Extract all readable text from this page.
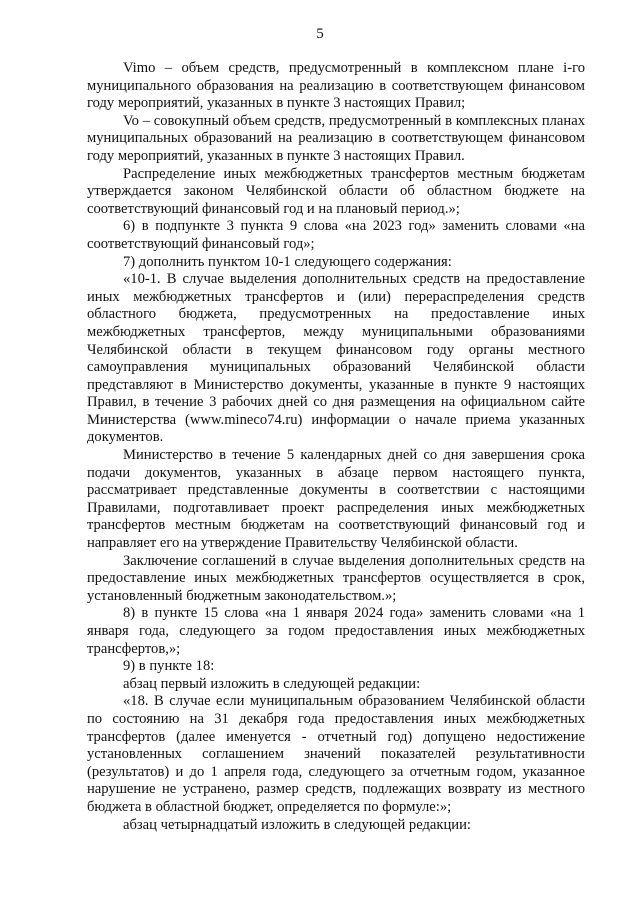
5
Vimo – объем средств, предусмотренный в комплексном плане i-го муниципального образования на реализацию в соответствующем финансовом году мероприятий, указанных в пункте 3 настоящих Правил;
Vo – совокупный объем средств, предусмотренный в комплексных планах муниципальных образований на реализацию в соответствующем финансовом году мероприятий, указанных в пункте 3 настоящих Правил.
Распределение иных межбюджетных трансфертов местным бюджетам утверждается законом Челябинской области об областном бюджете на соответствующий финансовый год и на плановый период.»;
6) в подпункте 3 пункта 9 слова «на 2023 год» заменить словами «на соответствующий финансовый год»;
7) дополнить пунктом 10-1 следующего содержания:
«10-1. В случае выделения дополнительных средств на предоставление иных межбюджетных трансфертов и (или) перераспределения средств областного бюджета, предусмотренных на предоставление иных межбюджетных трансфертов, между муниципальными образованиями Челябинской области в текущем финансовом году органы местного самоуправления муниципальных образований Челябинской области представляют в Министерство документы, указанные в пункте 9 настоящих Правил, в течение 3 рабочих дней со дня размещения на официальном сайте Министерства (www.mineco74.ru) информации о начале приема указанных документов.
Министерство в течение 5 календарных дней со дня завершения срока подачи документов, указанных в абзаце первом настоящего пункта, рассматривает представленные документы в соответствии с настоящими Правилами, подготавливает проект распределения иных межбюджетных трансфертов местным бюджетам на соответствующий финансовый год и направляет его на утверждение Правительству Челябинской области.
Заключение соглашений в случае выделения дополнительных средств на предоставление иных межбюджетных трансфертов осуществляется в срок, установленный бюджетным законодательством.»;
8) в пункте 15 слова «на 1 января 2024 года» заменить словами «на 1 января года, следующего за годом предоставления иных межбюджетных трансфертов,»;
9) в пункте 18:
абзац первый изложить в следующей редакции:
«18. В случае если муниципальным образованием Челябинской области по состоянию на 31 декабря года предоставления иных межбюджетных трансфертов (далее именуется - отчетный год) допущено недостижение установленных соглашением значений показателей результативности (результатов) и до 1 апреля года, следующего за отчетным годом, указанное нарушение не устранено, размер средств, подлежащих возврату из местного бюджета в областной бюджет, определяется по формуле:»;
абзац четырнадцатый изложить в следующей редакции:
